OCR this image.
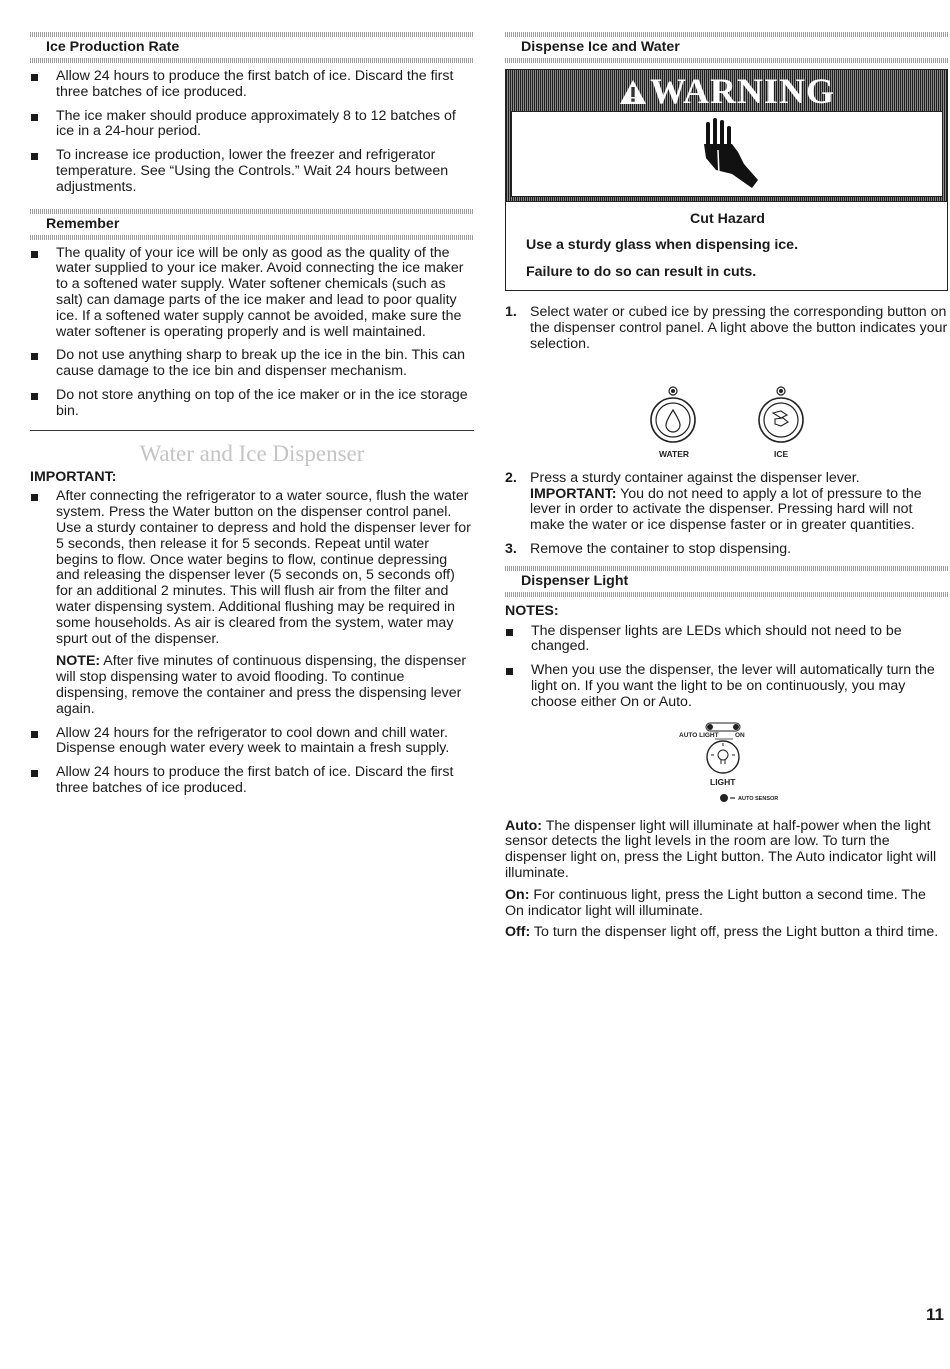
Ice Production Rate

Allow 24 hours to produce the first batch of ice. Discard the first three batches of ice produced.

The ice maker should produce approximately 8 to 12 batches of ice in a 24-hour period.

To increase ice production, lower the freezer and refrigerator temperature. See “Using the Controls.” Wait 24 hours between adjustments.

Remember

The quality of your ice will be only as good as the quality of the water supplied to your ice maker. Avoid connecting the ice maker to a softened water supply. Water softener chemicals (such as salt) can damage parts of the ice maker and lead to poor quality ice. If a softened water supply cannot be avoided, make sure the water softener is operating properly and is well maintained.

Do not use anything sharp to break up the ice in the bin. This can cause damage to the ice bin and dispenser mechanism.

Do not store anything on top of the ice maker or in the ice storage bin.

Water and Ice Dispenser
IMPORTANT:

After connecting the refrigerator to a water source, flush the water system. Press the Water button on the dispenser control panel. Use a sturdy container to depress and hold the dispenser lever for 5 seconds, then release it for 5 seconds. Repeat until water begins to flow. Once water begins to flow, continue depressing and releasing the dispenser lever (5 seconds on, 5 seconds off) for an additional 2 minutes. This will flush air from the filter and water dispensing system. Additional flushing may be required in some households. As air is cleared from the system, water may spurt out of the dispenser.

NOTE: After five minutes of continuous dispensing, the dispenser will stop dispensing water to avoid flooding. To continue dispensing, remove the container and press the dispensing lever again.

Allow 24 hours for the refrigerator to cool down and chill water. Dispense enough water every week to maintain a fresh supply.

Allow 24 hours to produce the first batch of ice. Discard the first three batches of ice produced.

Dispense Ice and Water
WARNING
Cut Hazard
Use a sturdy glass when dispensing ice.
Failure to do so can result in cuts.
1. Select water or cubed ice by pressing the corresponding button on the dispenser control panel. A light above the button indicates your selection.

WATER	ICE
2. Press a sturdy container against the dispenser lever.

IMPORTANT: You do not need to apply a lot of pressure to the lever in order to activate the dispenser. Pressing hard will not make the water or ice dispense faster or in greater quantities.

3. Remove the container to stop dispensing.

Dispenser Light
NOTES:

The dispenser lights are LEDs which should not need to be changed.

When you use the dispenser, the lever will automatically turn the light on. If you want the light to be on continuously, you may choose either On or Auto.

AUTO LIGHT	ON
LIGHT
AUTO SENSOR

Auto: The dispenser light will illuminate at half-power when the light sensor detects the light levels in the room are low. To turn the dispenser light on, press the Light button. The Auto indicator light will illuminate.

On: For continuous light, press the Light button a second time. The On indicator light will illuminate.

Off: To turn the dispenser light off, press the Light button a third time.

11
